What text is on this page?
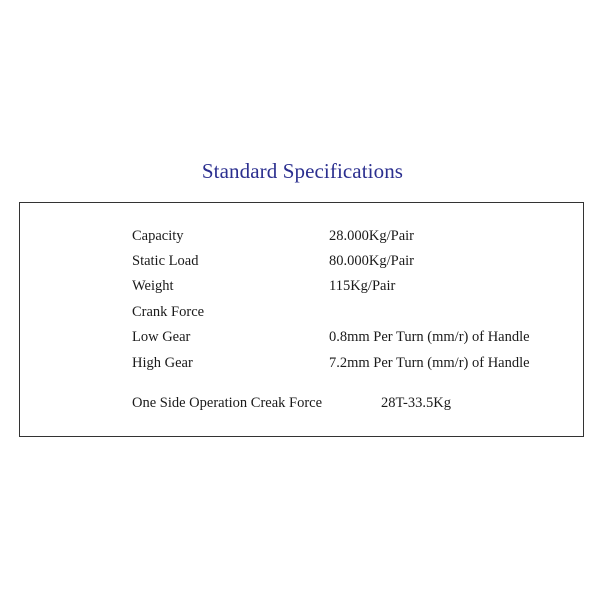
Standard Specifications
Capacity	28.000Kg/Pair
Static Load	80.000Kg/Pair
Weight	115Kg/Pair
Crank Force
Low Gear	0.8mm Per Turn (mm/r) of Handle
High Gear	7.2mm Per Turn (mm/r) of Handle
One Side Operation Creak Force	28T-33.5Kg
